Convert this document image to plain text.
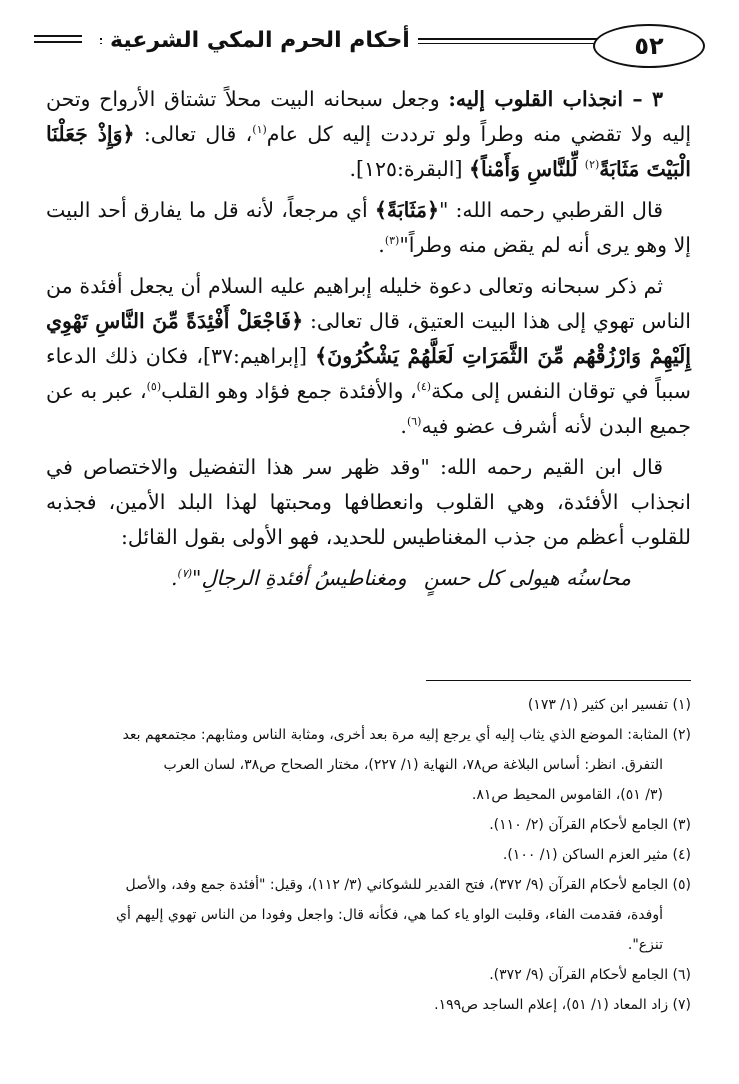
٥٢
أحكام الحرم المكي الشرعية

٣ – انجذاب القلوب إليه: وجعل سبحانه البيت محلاً تشتاق الأرواح وتحن إليه ولا تقضي منه وطراً ولو ترددت إليه كل عام$^{(١)}$، قال تعالى: ﴿وَإِذْ جَعَلْنَا الْبَيْتَ مَثَابَةً$^{(٢)}$ لِّلنَّاسِ وَأَمْناً﴾ [البقرة:١٢٥].

قال القرطبي رحمه الله: "﴿مَثَابَةً﴾ أي مرجعاً، لأنه قل ما يفارق أحد البيت إلا وهو يرى أنه لم يقض منه وطراً"$^{(٣)}$.

ثم ذكر سبحانه وتعالى دعوة خليله إبراهيم عليه السلام أن يجعل أفئدة من الناس تهوي إلى هذا البيت العتيق، قال تعالى: ﴿فَاجْعَلْ أَفْئِدَةً مِّنَ النَّاسِ تَهْوِي إِلَيْهِمْ وَارْزُقْهُم مِّنَ الثَّمَرَاتِ لَعَلَّهُمْ يَشْكُرُونَ﴾ [إبراهيم:٣٧]، فكان ذلك الدعاء سبباً في توقان النفس إلى مكة$^{(٤)}$، والأفئدة جمع فؤاد وهو القلب$^{(٥)}$، عبر به عن جميع البدن لأنه أشرف عضو فيه$^{(٦)}$.

قال ابن القيم رحمه الله: "وقد ظهر سر هذا التفضيل والاختصاص في انجذاب الأفئدة، وهي القلوب وانعطافها ومحبتها لهذا البلد الأمين، فجذبه للقلوب أعظم من جذب المغناطيس للحديد، فهو الأولى بقول القائل:

محاسنُه هيولى كل حسنٍ
ومغناطيسُ أفئدةِ الرجالِ"$^{(٧)}$.

(١) تفسير ابن كثير (١/ ١٧٣)

(٢) المثابة: الموضع الذي يثاب إليه أي يرجع إليه مرة بعد أخرى، ومثابة الناس ومثابهم: مجتمعهم بعد

التفرق. انظر: أساس البلاغة ص٧٨، النهاية (١/ ٢٢٧)، مختار الصحاح ص٣٨، لسان العرب

(٣/ ٥١)، القاموس المحيط ص٨١.

(٣) الجامع لأحكام القرآن (٢/ ١١٠).

(٤) مثير العزم الساكن (١/ ١٠٠).

(٥) الجامع لأحكام القرآن (٩/ ٣٧٢)، فتح القدير للشوكاني (٣/ ١١٢)، وقيل: "أفئدة جمع وفد، والأصل

أوفدة، فقدمت الفاء، وقلبت الواو ياء كما هي، فكأنه قال: واجعل وفودا من الناس تهوي إليهم أي

تنزع".

(٦) الجامع لأحكام القرآن (٩/ ٣٧٢).

(٧) زاد المعاد (١/ ٥١)، إعلام الساجد ص١٩٩.
